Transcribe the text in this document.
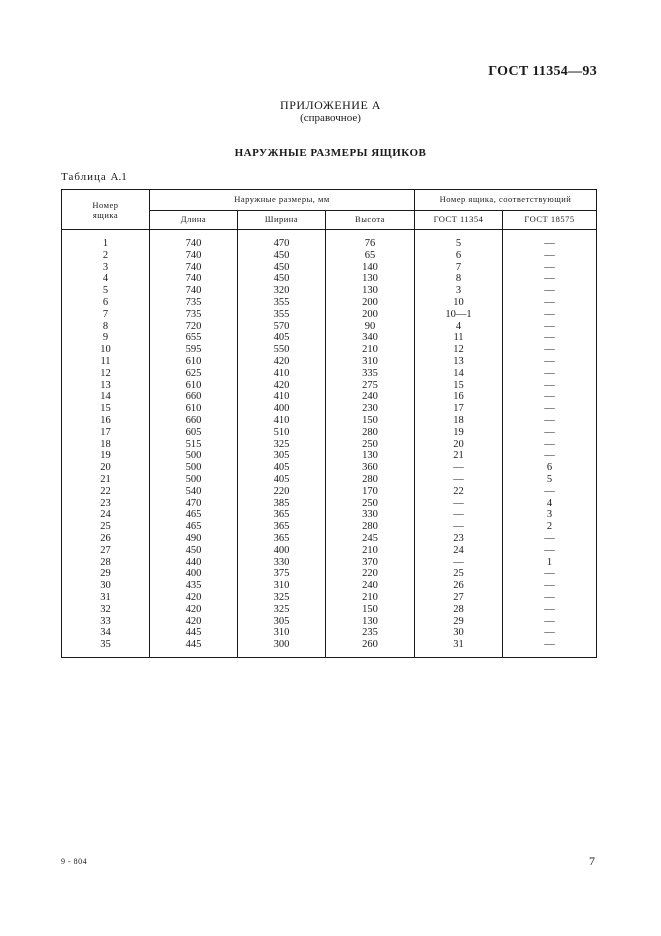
ГОСТ 11354—93
ПРИЛОЖЕНИЕ А
(справочное)
НАРУЖНЫЕ РАЗМЕРЫ ЯЩИКОВ
Таблица А.1
Номер
ящика	Наружные размеры, мм			Номер ящика, соответствующий	
	Длина	Ширина	Высота	ГОСТ 11354	ГОСТ 18575

1	740	470	76	5	—
2	740	450	65	6	—
3	740	450	140	7	—
4	740	450	130	8	—
5	740	320	130	3	—
6	735	355	200	10	—
7	735	355	200	10—1	—
8	720	570	90	4	—
9	655	405	340	11	—
10	595	550	210	12	—
11	610	420	310	13	—
12	625	410	335	14	—
13	610	420	275	15	—
14	660	410	240	16	—
15	610	400	230	17	—
16	660	410	150	18	—
17	605	510	280	19	—
18	515	325	250	20	—
19	500	305	130	21	—
20	500	405	360	—	6
21	500	405	280	—	5
22	540	220	170	22	—
23	470	385	250	—	4
24	465	365	330	—	3
25	465	365	280	—	2
26	490	365	245	23	—
27	450	400	210	24	—
28	440	330	370	—	1
29	400	375	220	25	—
30	435	310	240	26	—
31	420	325	210	27	—
32	420	325	150	28	—
33	420	305	130	29	—
34	445	310	235	30	—
35	445	300	260	31	—
9 - 804	7
